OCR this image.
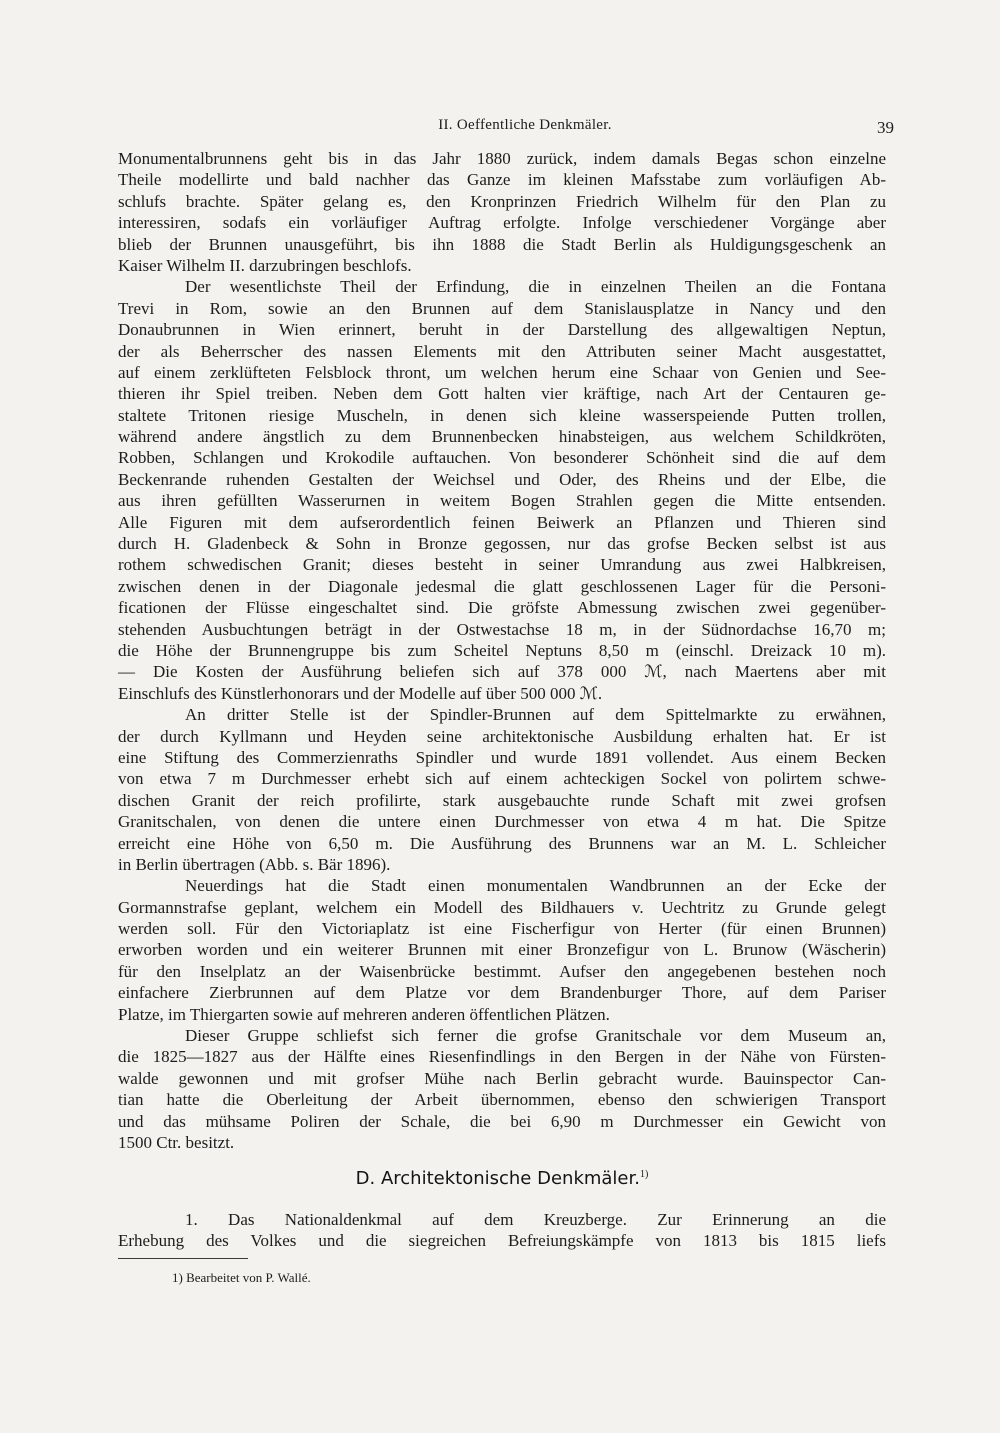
II. Oeffentliche Denkmäler.	39
Monumentalbrunnens geht bis in das Jahr 1880 zurück, indem damals Begas schon einzelne
Theile modellirte und bald nachher das Ganze im kleinen Mafsstabe zum vorläufigen Ab-
schlufs brachte. Später gelang es, den Kronprinzen Friedrich Wilhelm für den Plan zu
interessiren, sodafs ein vorläufiger Auftrag erfolgte. Infolge verschiedener Vorgänge aber
blieb der Brunnen unausgeführt, bis ihn 1888 die Stadt Berlin als Huldigungsgeschenk an
Kaiser Wilhelm II. darzubringen beschlofs.
Der wesentlichste Theil der Erfindung, die in einzelnen Theilen an die Fontana
Trevi in Rom, sowie an den Brunnen auf dem Stanislausplatze in Nancy und den
Donaubrunnen in Wien erinnert, beruht in der Darstellung des allgewaltigen Neptun,
der als Beherrscher des nassen Elements mit den Attributen seiner Macht ausgestattet,
auf einem zerklüfteten Felsblock thront, um welchen herum eine Schaar von Genien und See-
thieren ihr Spiel treiben. Neben dem Gott halten vier kräftige, nach Art der Centauren ge-
staltete Tritonen riesige Muscheln, in denen sich kleine wasserspeiende Putten trollen,
während andere ängstlich zu dem Brunnenbecken hinabsteigen, aus welchem Schildkröten,
Robben, Schlangen und Krokodile auftauchen. Von besonderer Schönheit sind die auf dem
Beckenrande ruhenden Gestalten der Weichsel und Oder, des Rheins und der Elbe, die
aus ihren gefüllten Wasserurnen in weitem Bogen Strahlen gegen die Mitte entsenden.
Alle Figuren mit dem aufserordentlich feinen Beiwerk an Pflanzen und Thieren sind
durch H. Gladenbeck & Sohn in Bronze gegossen, nur das grofse Becken selbst ist aus
rothem schwedischen Granit; dieses besteht in seiner Umrandung aus zwei Halbkreisen,
zwischen denen in der Diagonale jedesmal die glatt geschlossenen Lager für die Personi-
ficationen der Flüsse eingeschaltet sind. Die gröfste Abmessung zwischen zwei gegenüber-
stehenden Ausbuchtungen beträgt in der Ostwestachse 18 m, in der Südnordachse 16,70 m;
die Höhe der Brunnengruppe bis zum Scheitel Neptuns 8,50 m (einschl. Dreizack 10 m).
— Die Kosten der Ausführung beliefen sich auf 378 000 ℳ, nach Maertens aber mit
Einschlufs des Künstlerhonorars und der Modelle auf über 500 000 ℳ.
An dritter Stelle ist der Spindler-Brunnen auf dem Spittelmarkte zu erwähnen,
der durch Kyllmann und Heyden seine architektonische Ausbildung erhalten hat. Er ist
eine Stiftung des Commerzienraths Spindler und wurde 1891 vollendet. Aus einem Becken
von etwa 7 m Durchmesser erhebt sich auf einem achteckigen Sockel von polirtem schwe-
dischen Granit der reich profilirte, stark ausgebauchte runde Schaft mit zwei grofsen
Granitschalen, von denen die untere einen Durchmesser von etwa 4 m hat. Die Spitze
erreicht eine Höhe von 6,50 m. Die Ausführung des Brunnens war an M. L. Schleicher
in Berlin übertragen (Abb. s. Bär 1896).
Neuerdings hat die Stadt einen monumentalen Wandbrunnen an der Ecke der
Gormannstrafse geplant, welchem ein Modell des Bildhauers v. Uechtritz zu Grunde gelegt
werden soll. Für den Victoriaplatz ist eine Fischerfigur von Herter (für einen Brunnen)
erworben worden und ein weiterer Brunnen mit einer Bronzefigur von L. Brunow (Wäscherin)
für den Inselplatz an der Waisenbrücke bestimmt. Aufser den angegebenen bestehen noch
einfachere Zierbrunnen auf dem Platze vor dem Brandenburger Thore, auf dem Pariser
Platze, im Thiergarten sowie auf mehreren anderen öffentlichen Plätzen.
Dieser Gruppe schliefst sich ferner die grofse Granitschale vor dem Museum an,
die 1825—1827 aus der Hälfte eines Riesenfindlings in den Bergen in der Nähe von Fürsten-
walde gewonnen und mit grofser Mühe nach Berlin gebracht wurde. Bauinspector Can-
tian hatte die Oberleitung der Arbeit übernommen, ebenso den schwierigen Transport
und das mühsame Poliren der Schale, die bei 6,90 m Durchmesser ein Gewicht von
1500 Ctr. besitzt.
D. Architektonische Denkmäler.$^{1)}$
1. Das Nationaldenkmal auf dem Kreuzberge. Zur Erinnerung an die
Erhebung des Volkes und die siegreichen Befreiungskämpfe von 1813 bis 1815 liefs
1) Bearbeitet von P. Wallé.
